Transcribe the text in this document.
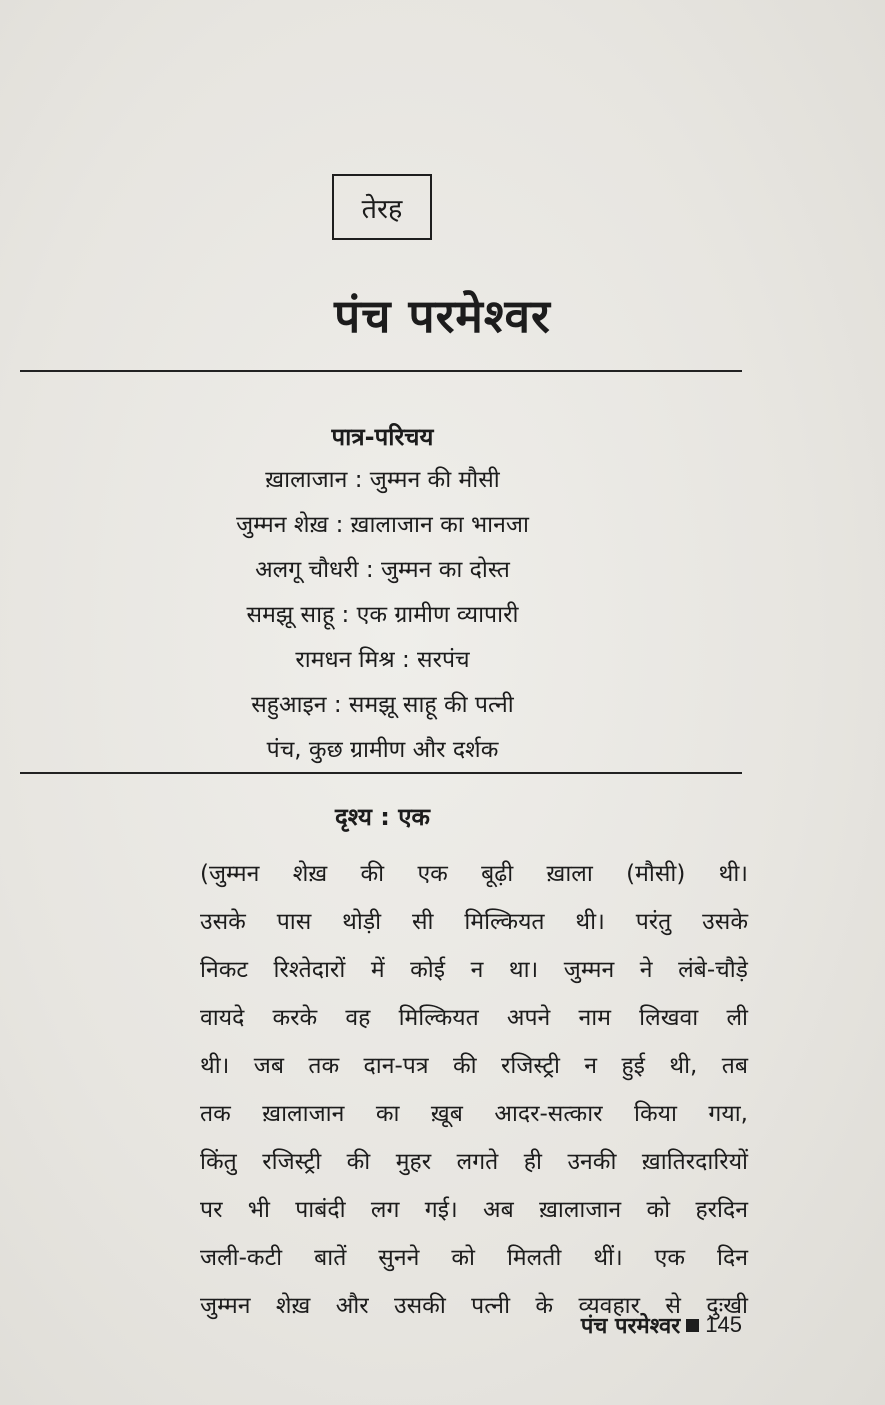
तेरह
पंच परमेश्वर
पात्र-परिचय
ख़ालाजान : जुम्मन की मौसी
जुम्मन शेख़ : ख़ालाजान का भानजा
अलगू चौधरी : जुम्मन का दोस्त
समझू साहू : एक ग्रामीण व्यापारी
रामधन मिश्र : सरपंच
सहुआइन : समझू साहू की पत्नी
पंच, कुछ ग्रामीण और दर्शक
दृश्य : एक
(जुम्मन शेख़ की एक बूढ़ी ख़ाला (मौसी) थी।
उसके पास थोड़ी सी मिल्कियत थी। परंतु उसके
निकट रिश्तेदारों में कोई न था। जुम्मन ने लंबे-चौड़े
वायदे करके वह मिल्कियत अपने नाम लिखवा ली
थी। जब तक दान-पत्र की रजिस्ट्री न हुई थी, तब
तक ख़ालाजान का ख़ूब आदर-सत्कार किया गया,
किंतु रजिस्ट्री की मुहर लगते ही उनकी ख़ातिरदारियों
पर भी पाबंदी लग गई। अब ख़ालाजान को हरदिन
जली-कटी बातें सुनने को मिलती थीं। एक दिन
जुम्मन शेख़ और उसकी पत्नी के व्यवहार से दुःखी
पंच परमेश्वर 145
